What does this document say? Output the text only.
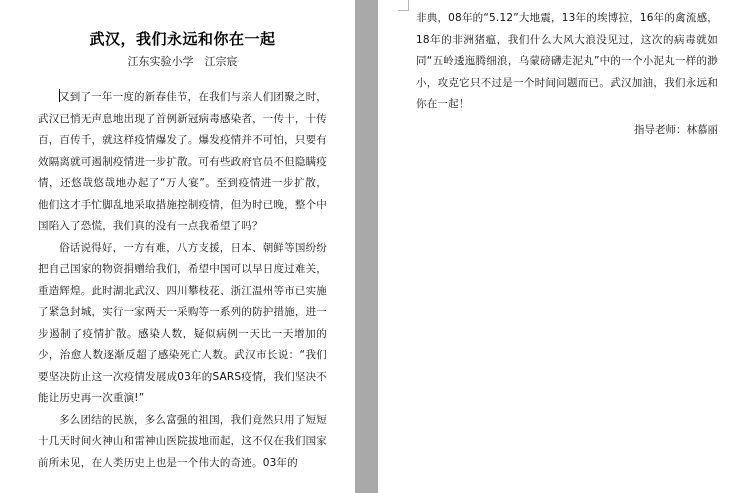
武汉，我们永远和你在一起
江东实验小学　江宗宸

又到了一年一度的新春佳节，在我们与亲人们团聚之时，武汉已悄无声息地出现了首例新冠病毒感染者，一传十，十传百，百传千，就这样疫情爆发了。爆发疫情并不可怕，只要有效隔离就可遏制疫情进一步扩散。可有些政府官员不但隐瞒疫情，还悠哉悠哉地办起了“万人宴”。至到疫情进一步扩散，他们这才手忙脚乱地采取措施控制疫情，但为时已晚，整个中国陷入了恐慌，我们真的没有一点我希望了吗？

俗话说得好，一方有难，八方支援，日本、朝鲜等国纷纷把自己国家的物资捐赠给我们，希望中国可以早日度过难关，重造辉煌。此时湖北武汉、四川攀枝花、浙江温州等市已实施了紧急封城，实行一家两天一采购等一系列的防护措施，进一步遏制了疫情扩散。感染人数，疑似病例一天比一天增加的少，治愈人数逐渐反超了感染死亡人数。武汉市长说：“我们要坚决防止这一次疫情发展成03年的SARS疫情，我们坚决不能让历史再一次重演!”

多么团结的民族，多么富强的祖国，我们竟然只用了短短十几天时间火神山和雷神山医院拔地而起，这不仅在我们国家前所未见，在人类历史上也是一个伟大的奇迹。03年的

非典，08年的“5.12”大地震，13年的埃博拉，16年的禽流感，18年的非洲猪瘟，我们什么大风大浪没见过，这次的病毒就如同“五岭逶迤腾细浪，乌蒙磅礴走泥丸”中的一个小泥丸一样的渺小，攻克它只不过是一个时间问题而已。武汉加油，我们永远和你在一起！

指导老师：林慕丽
